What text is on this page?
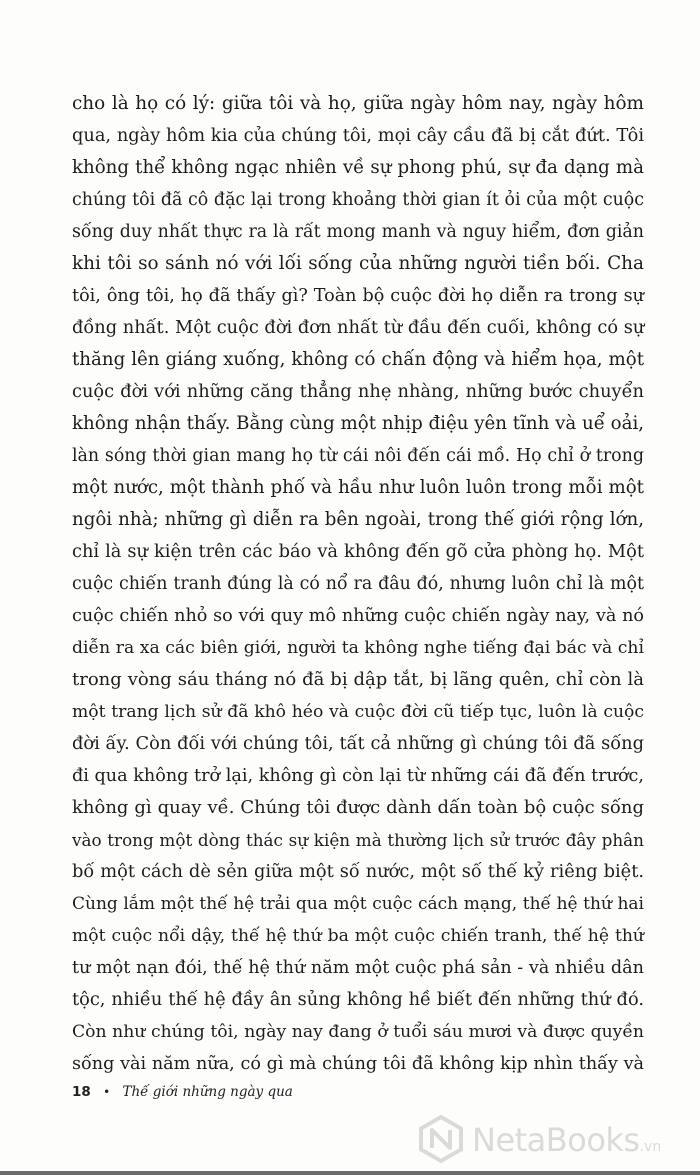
cho là họ có lý: giữa tôi và họ, giữa ngày hôm nay, ngày hôm
qua, ngày hôm kia của chúng tôi, mọi cây cầu đã bị cắt đứt. Tôi
không thể không ngạc nhiên về sự phong phú, sự đa dạng mà
chúng tôi đã cô đặc lại trong khoảng thời gian ít ỏi của một cuộc
sống duy nhất thực ra là rất mong manh và nguy hiểm, đơn giản
khi tôi so sánh nó với lối sống của những người tiền bối. Cha
tôi, ông tôi, họ đã thấy gì? Toàn bộ cuộc đời họ diễn ra trong sự
đồng nhất. Một cuộc đời đơn nhất từ đầu đến cuối, không có sự
thăng lên giáng xuống, không có chấn động và hiểm họa, một
cuộc đời với những căng thẳng nhẹ nhàng, những bước chuyển
không nhận thấy. Bằng cùng một nhịp điệu yên tĩnh và uể oải,
làn sóng thời gian mang họ từ cái nôi đến cái mồ. Họ chỉ ở trong
một nước, một thành phố và hầu như luôn luôn trong mỗi một
ngôi nhà; những gì diễn ra bên ngoài, trong thế giới rộng lớn,
chỉ là sự kiện trên các báo và không đến gõ cửa phòng họ. Một
cuộc chiến tranh đúng là có nổ ra đâu đó, nhưng luôn chỉ là một
cuộc chiến nhỏ so với quy mô những cuộc chiến ngày nay, và nó
diễn ra xa các biên giới, người ta không nghe tiếng đại bác và chỉ
trong vòng sáu tháng nó đã bị dập tắt, bị lãng quên, chỉ còn là
một trang lịch sử đã khô héo và cuộc đời cũ tiếp tục, luôn là cuộc
đời ấy. Còn đối với chúng tôi, tất cả những gì chúng tôi đã sống
đi qua không trở lại, không gì còn lại từ những cái đã đến trước,
không gì quay về. Chúng tôi được dành dấn toàn bộ cuộc sống
vào trong một dòng thác sự kiện mà thường lịch sử trước đây phân
bố một cách dè sẻn giữa một số nước, một số thế kỷ riêng biệt.
Cùng lắm một thế hệ trải qua một cuộc cách mạng, thế hệ thứ hai
một cuộc nổi dậy, thế hệ thứ ba một cuộc chiến tranh, thế hệ thứ
tư một nạn đói, thế hệ thứ năm một cuộc phá sản - và nhiều dân
tộc, nhiều thế hệ đầy ân sủng không hề biết đến những thứ đó.
Còn như chúng tôi, ngày nay đang ở tuổi sáu mươi và được quyền
sống vài năm nữa, có gì mà chúng tôi đã không kịp nhìn thấy và
18 • Thế giới những ngày qua
NetaBooks.vn
